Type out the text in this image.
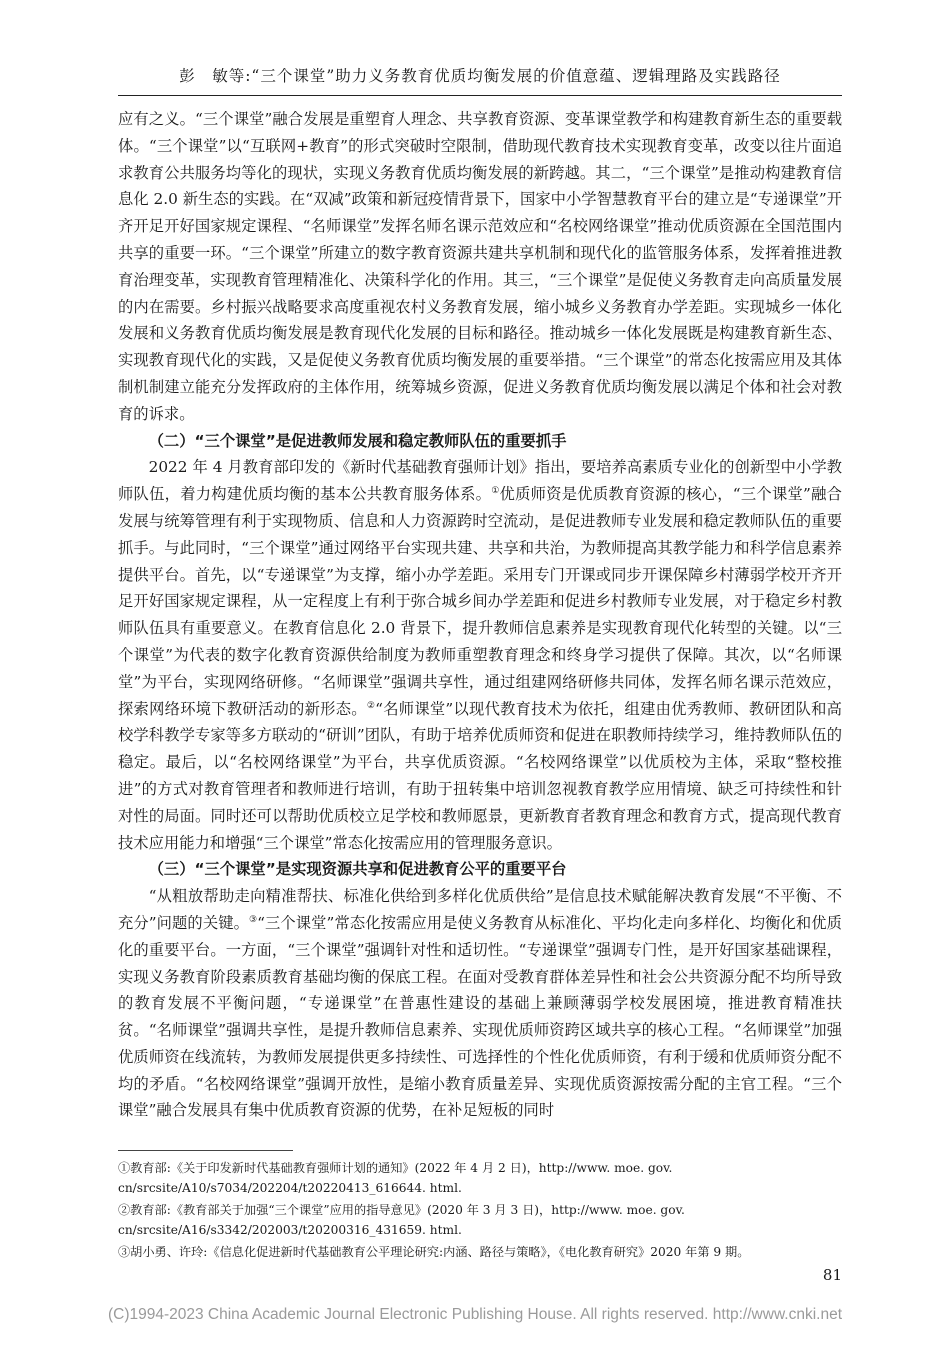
彭　敏等:“三个课堂”助力义务教育优质均衡发展的价值意蕴、逻辑理路及实践路径

应有之义。“三个课堂”融合发展是重塑育人理念、共享教育资源、变革课堂教学和构建教育新生态的重要载体。“三个课堂”以“互联网+教育”的形式突破时空限制，借助现代教育技术实现教育变革，改变以往片面追求教育公共服务均等化的现状，实现义务教育优质均衡发展的新跨越。其二，“三个课堂”是推动构建教育信息化 2.0 新生态的实践。在“双减”政策和新冠疫情背景下，国家中小学智慧教育平台的建立是“专递课堂”开齐开足开好国家规定课程、“名师课堂”发挥名师名课示范效应和“名校网络课堂”推动优质资源在全国范围内共享的重要一环。“三个课堂”所建立的数字教育资源共建共享机制和现代化的监管服务体系，发挥着推进教育治理变革，实现教育管理精准化、决策科学化的作用。其三，“三个课堂”是促使义务教育走向高质量发展的内在需要。乡村振兴战略要求高度重视农村义务教育发展，缩小城乡义务教育办学差距。实现城乡一体化发展和义务教育优质均衡发展是教育现代化发展的目标和路径。推动城乡一体化发展既是构建教育新生态、实现教育现代化的实践，又是促使义务教育优质均衡发展的重要举措。“三个课堂”的常态化按需应用及其体制机制建立能充分发挥政府的主体作用，统筹城乡资源，促进义务教育优质均衡发展以满足个体和社会对教育的诉求。

（二）“三个课堂”是促进教师发展和稳定教师队伍的重要抓手

2022 年 4 月教育部印发的《新时代基础教育强师计划》指出，要培养高素质专业化的创新型中小学教师队伍，着力构建优质均衡的基本公共教育服务体系。①优质师资是优质教育资源的核心，“三个课堂”融合发展与统筹管理有利于实现物质、信息和人力资源跨时空流动，是促进教师专业发展和稳定教师队伍的重要抓手。与此同时，“三个课堂”通过网络平台实现共建、共享和共治，为教师提高其教学能力和科学信息素养提供平台。首先，以“专递课堂”为支撑，缩小办学差距。采用专门开课或同步开课保障乡村薄弱学校开齐开足开好国家规定课程，从一定程度上有利于弥合城乡间办学差距和促进乡村教师专业发展，对于稳定乡村教师队伍具有重要意义。在教育信息化 2.0 背景下，提升教师信息素养是实现教育现代化转型的关键。以“三个课堂”为代表的数字化教育资源供给制度为教师重塑教育理念和终身学习提供了保障。其次，以“名师课堂”为平台，实现网络研修。“名师课堂”强调共享性，通过组建网络研修共同体，发挥名师名课示范效应，探索网络环境下教研活动的新形态。②“名师课堂”以现代教育技术为依托，组建由优秀教师、教研团队和高校学科教学专家等多方联动的“研训”团队，有助于培养优质师资和促进在职教师持续学习，维持教师队伍的稳定。最后，以“名校网络课堂”为平台，共享优质资源。“名校网络课堂”以优质校为主体，采取“整校推进”的方式对教育管理者和教师进行培训，有助于扭转集中培训忽视教育教学应用情境、缺乏可持续性和针对性的局面。同时还可以帮助优质校立足学校和教师愿景，更新教育者教育理念和教育方式，提高现代教育技术应用能力和增强“三个课堂”常态化按需应用的管理服务意识。

（三）“三个课堂”是实现资源共享和促进教育公平的重要平台

“从粗放帮助走向精准帮扶、标准化供给到多样化优质供给”是信息技术赋能解决教育发展“不平衡、不充分”问题的关键。③“三个课堂”常态化按需应用是使义务教育从标准化、平均化走向多样化、均衡化和优质化的重要平台。一方面，“三个课堂”强调针对性和适切性。“专递课堂”强调专门性，是开好国家基础课程，实现义务教育阶段素质教育基础均衡的保底工程。在面对受教育群体差异性和社会公共资源分配不均所导致的教育发展不平衡问题，“专递课堂”在普惠性建设的基础上兼顾薄弱学校发展困境，推进教育精准扶贫。“名师课堂”强调共享性，是提升教师信息素养、实现优质师资跨区域共享的核心工程。“名师课堂”加强优质师资在线流转，为教师发展提供更多持续性、可选择性的个性化优质师资，有利于缓和优质师资分配不均的矛盾。“名校网络课堂”强调开放性，是缩小教育质量差异、实现优质资源按需分配的主官工程。“三个课堂”融合发展具有集中优质教育资源的优势，在补足短板的同时

①教育部:《关于印发新时代基础教育强师计划的通知》(2022 年 4 月 2 日)，http://www. moe. gov. cn/srcsite/A10/s7034/202204/t20220413_616644. html.

②教育部:《教育部关于加强“三个课堂”应用的指导意见》(2020 年 3 月 3 日)，http://www. moe. gov. cn/srcsite/A16/s3342/202003/t20200316_431659. html.

③胡小勇、许玲:《信息化促进新时代基础教育公平理论研究:内涵、路径与策略》，《电化教育研究》2020 年第 9 期。

81
(C)1994-2023 China Academic Journal Electronic Publishing House. All rights reserved. http://www.cnki.net
